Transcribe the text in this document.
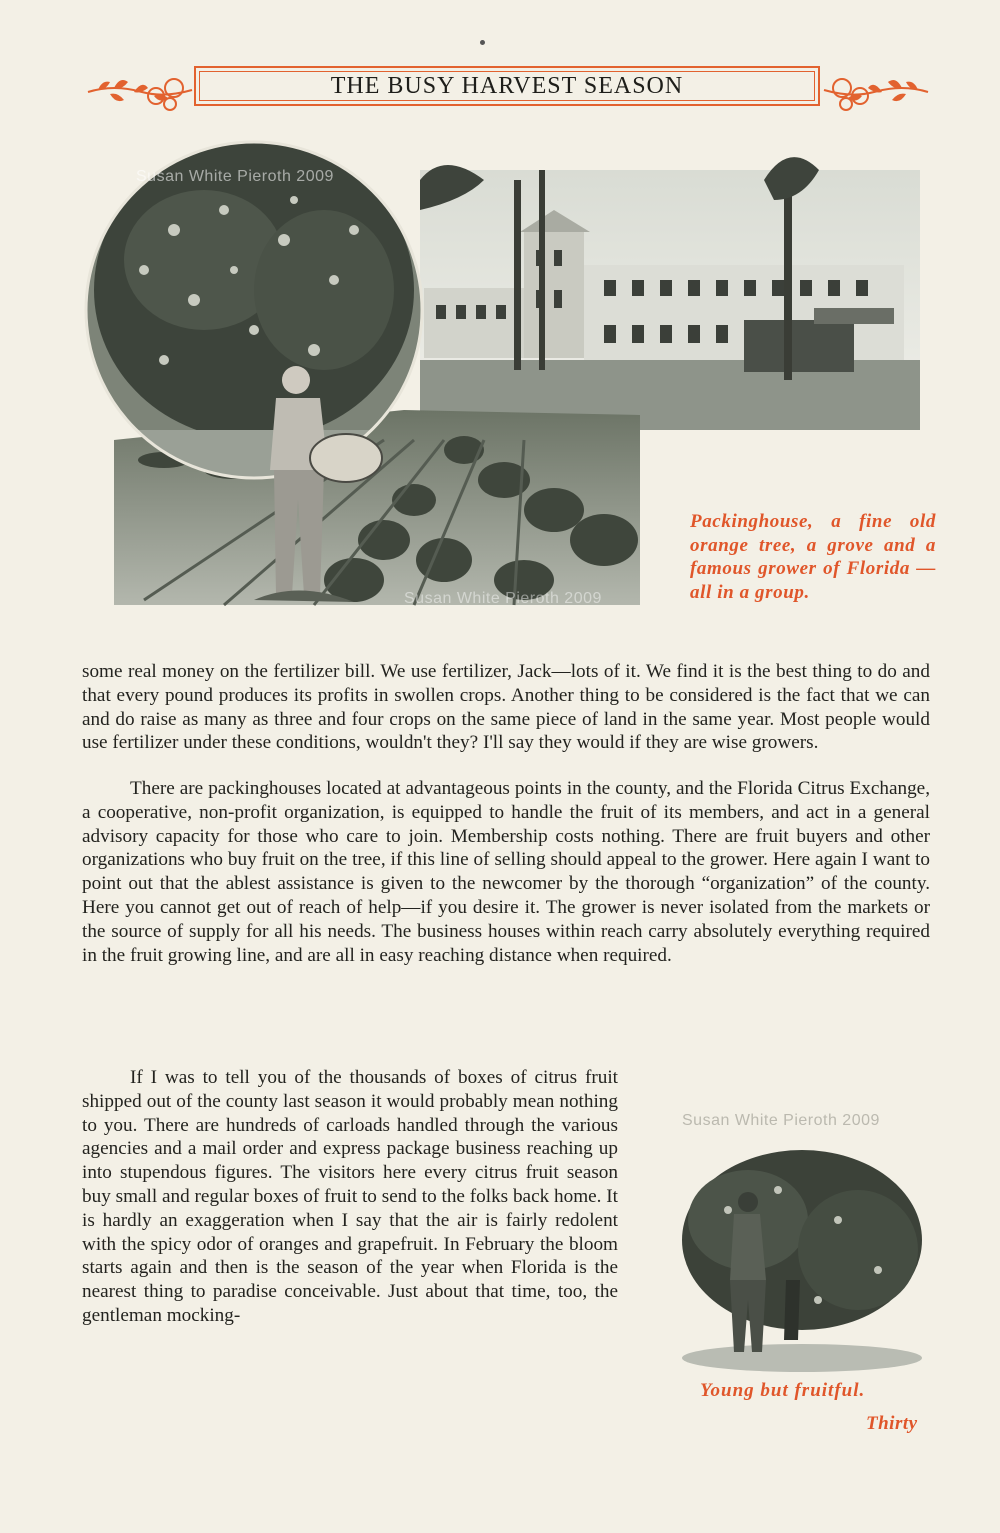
THE BUSY HARVEST SEASON
Susan White Pieroth 2009
Susan White Pieroth 2009
Packinghouse, a fine old orange tree, a grove and a famous grower of Florida — all in a group.

some real money on the fertilizer bill. We use fertilizer, Jack—lots of it. We find it is the best thing to do and that every pound produces its profits in swollen crops. Another thing to be considered is the fact that we can and do raise as many as three and four crops on the same piece of land in the same year. Most people would use fertilizer under these conditions, wouldn't they? I'll say they would if they are wise growers.

There are packinghouses located at advantageous points in the county, and the Florida Citrus Exchange, a cooperative, non-profit organization, is equipped to handle the fruit of its members, and act in a general advisory capacity for those who care to join. Membership costs nothing. There are fruit buyers and other organizations who buy fruit on the tree, if this line of selling should appeal to the grower. Here again I want to point out that the ablest assistance is given to the newcomer by the thorough “organization” of the county. Here you cannot get out of reach of help—if you desire it. The grower is never isolated from the markets or the source of supply for all his needs. The business houses within reach carry absolutely everything required in the fruit growing line, and are all in easy reaching distance when required.

If I was to tell you of the thousands of boxes of citrus fruit shipped out of the county last season it would probably mean nothing to you. There are hundreds of carloads handled through the various agencies and a mail order and express package business reaching up into stupendous figures. The visitors here every citrus fruit season buy small and regular boxes of fruit to send to the folks back home. It is hardly an exaggeration when I say that the air is fairly redolent with the spicy odor of oranges and grapefruit. In February the bloom starts again and then is the season of the year when Florida is the nearest thing to paradise conceivable. Just about that time, too, the gentleman mocking-

Susan White Pieroth 2009
Young but fruitful.
Thirty
